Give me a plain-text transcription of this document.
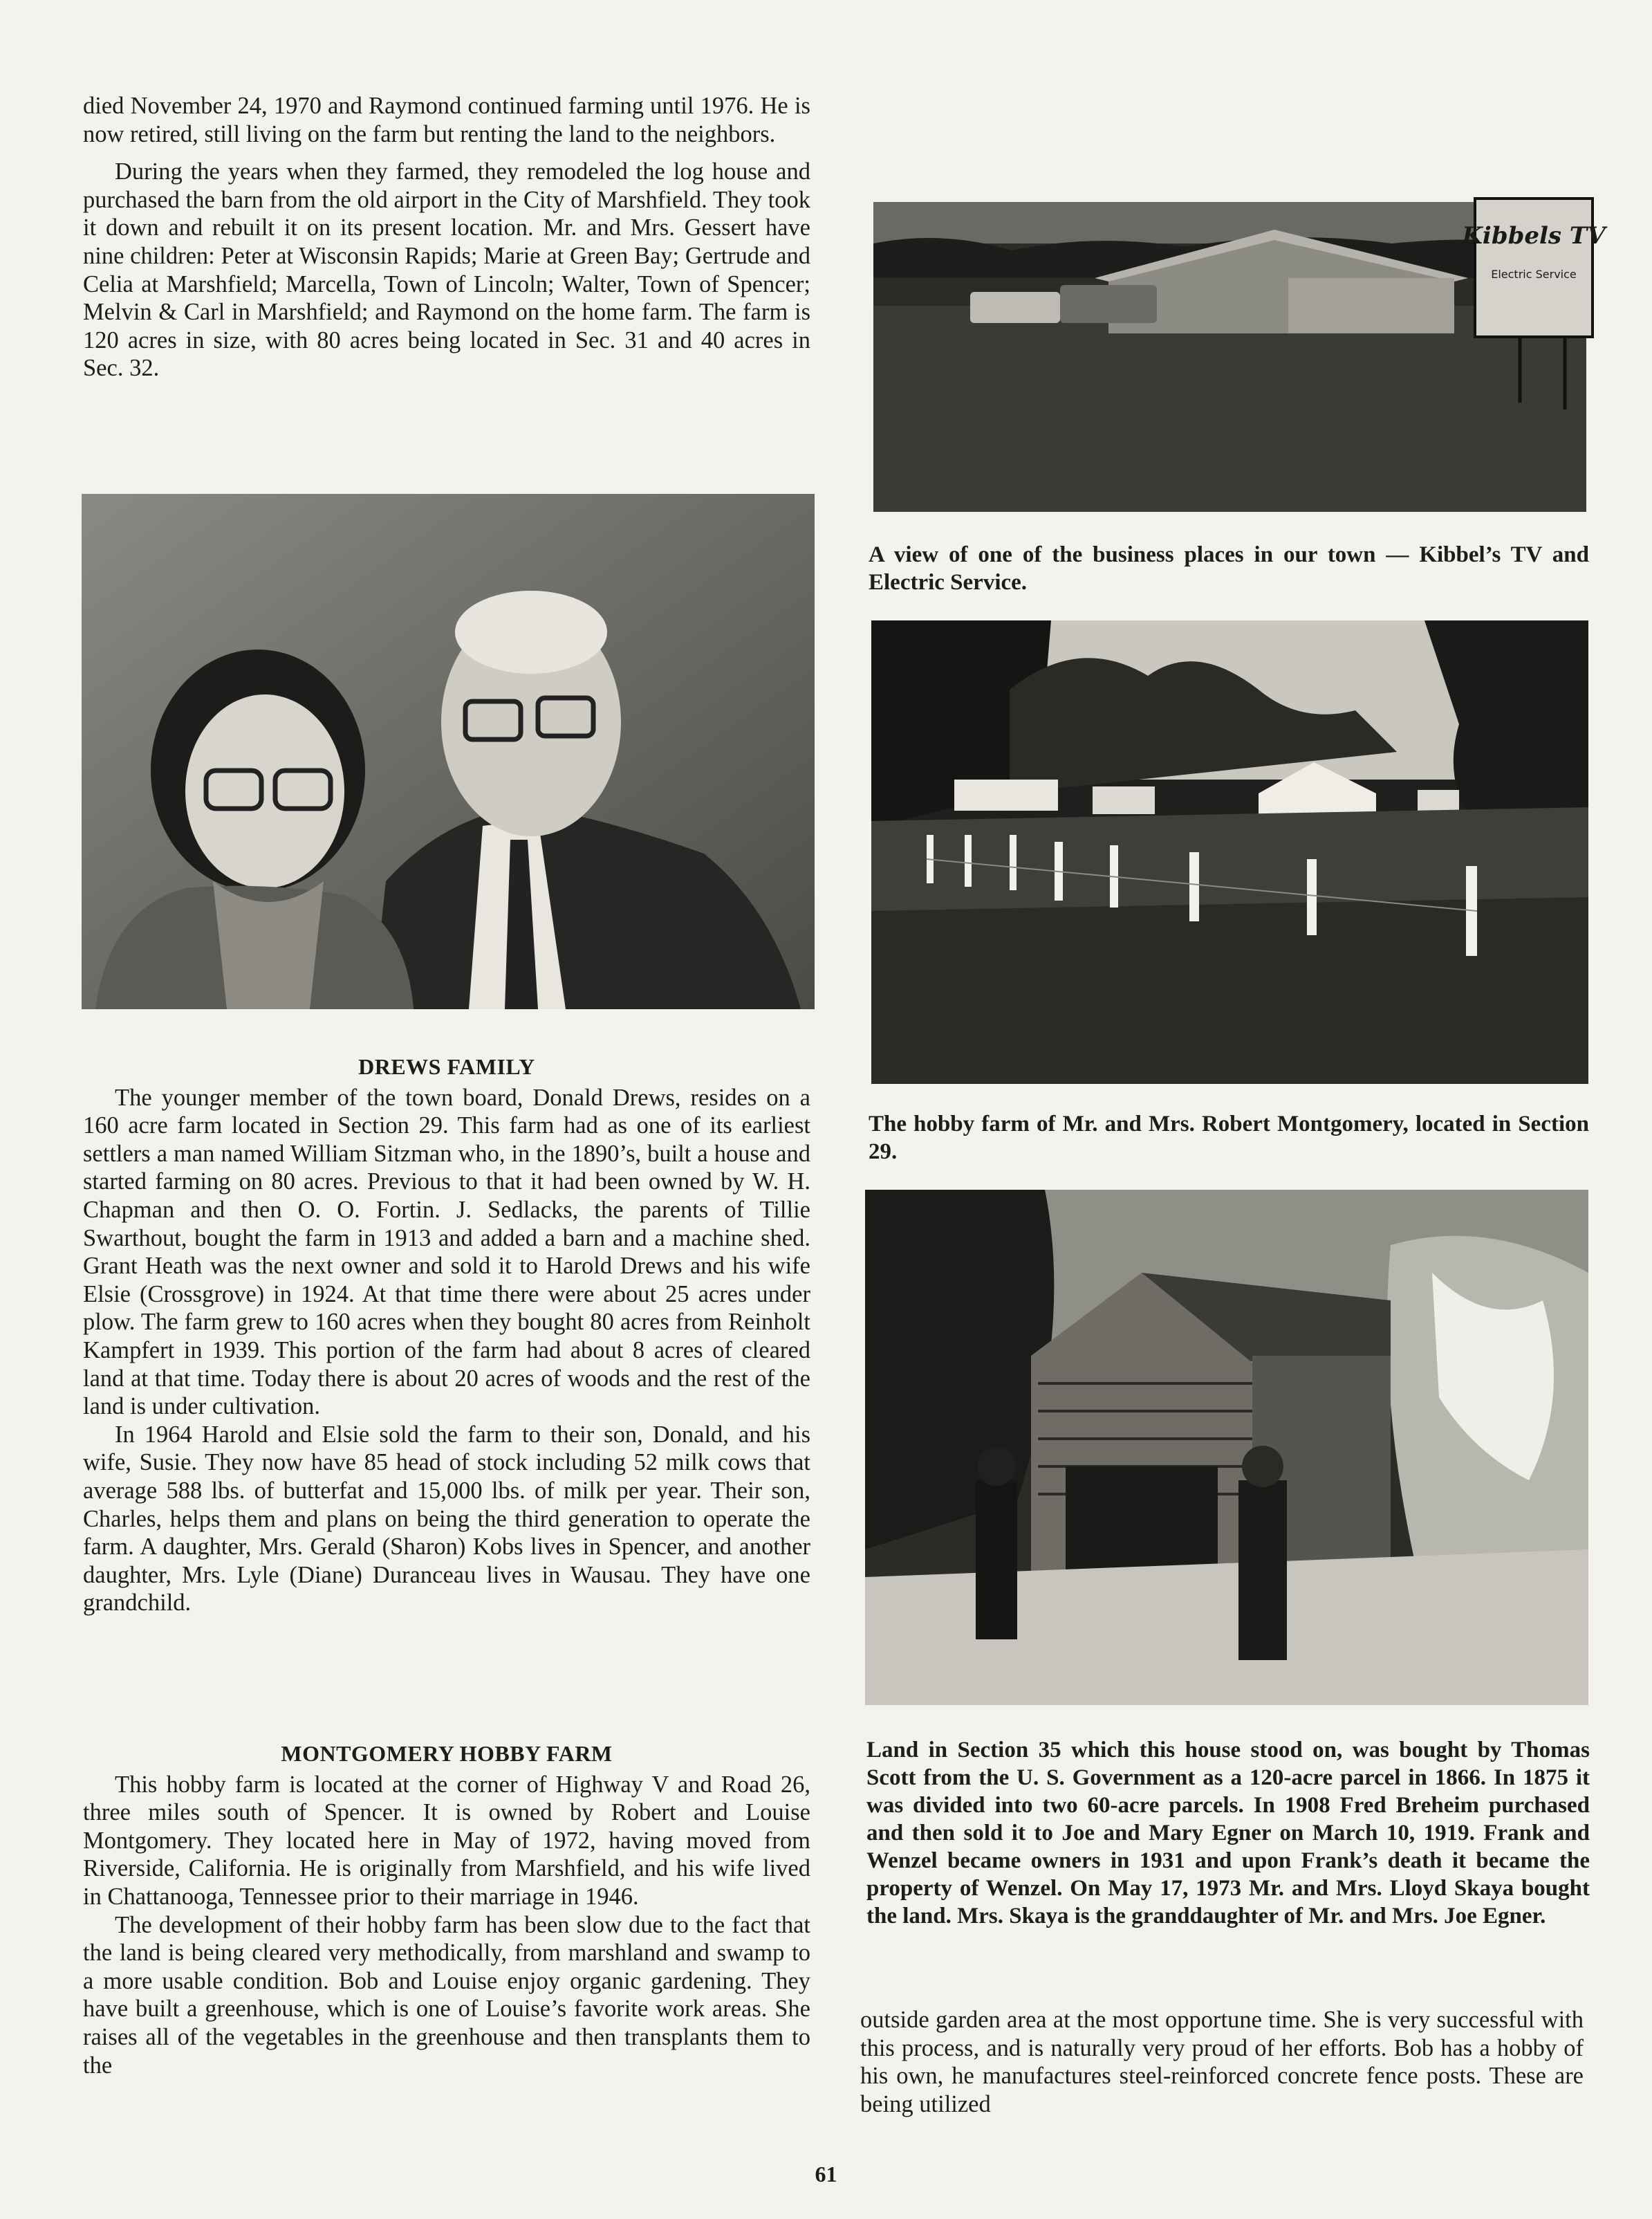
died November 24, 1970 and Raymond continued farming until 1976. He is now retired, still living on the farm but renting the land to the neighbors.

During the years when they farmed, they remodeled the log house and purchased the barn from the old airport in the City of Marshfield. They took it down and rebuilt it on its present location. Mr. and Mrs. Gessert have nine children: Peter at Wisconsin Rapids; Marie at Green Bay; Gertrude and Celia at Marshfield; Marcella, Town of Lincoln; Walter, Town of Spencer; Melvin & Carl in Marshfield; and Raymond on the home farm. The farm is 120 acres in size, with 80 acres being located in Sec. 31 and 40 acres in Sec. 32.

DREWS FAMILY

The younger member of the town board, Donald Drews, resides on a 160 acre farm located in Section 29. This farm had as one of its earliest settlers a man named William Sitzman who, in the 1890’s, built a house and started farming on 80 acres. Previous to that it had been owned by W. H. Chapman and then O. O. Fortin. J. Sedlacks, the parents of Tillie Swarthout, bought the farm in 1913 and added a barn and a machine shed. Grant Heath was the next owner and sold it to Harold Drews and his wife Elsie (Crossgrove) in 1924. At that time there were about 25 acres under plow. The farm grew to 160 acres when they bought 80 acres from Reinholt Kampfert in 1939. This portion of the farm had about 8 acres of cleared land at that time. Today there is about 20 acres of woods and the rest of the land is under cultivation.

In 1964 Harold and Elsie sold the farm to their son, Donald, and his wife, Susie. They now have 85 head of stock including 52 milk cows that average 588 lbs. of butterfat and 15,000 lbs. of milk per year. Their son, Charles, helps them and plans on being the third generation to operate the farm. A daughter, Mrs. Gerald (Sharon) Kobs lives in Spencer, and another daughter, Mrs. Lyle (Diane) Duranceau lives in Wausau. They have one grandchild.

MONTGOMERY HOBBY FARM

This hobby farm is located at the corner of Highway V and Road 26, three miles south of Spencer. It is owned by Robert and Louise Montgomery. They located here in May of 1972, having moved from Riverside, California. He is originally from Marshfield, and his wife lived in Chattanooga, Tennessee prior to their marriage in 1946.

The development of their hobby farm has been slow due to the fact that the land is being cleared very methodically, from marshland and swamp to a more usable condition. Bob and Louise enjoy organic gardening. They have built a greenhouse, which is one of Louise’s favorite work areas. She raises all of the vegetables in the greenhouse and then transplants them to the

Kibbels TV
Electric Service

A view of one of the business places in our town — Kibbel’s TV and Electric Service.

The hobby farm of Mr. and Mrs. Robert Montgomery, located in Section 29.

Land in Section 35 which this house stood on, was bought by Thomas Scott from the U. S. Government as a 120-acre parcel in 1866. In 1875 it was divided into two 60-acre parcels. In 1908 Fred Breheim purchased and then sold it to Joe and Mary Egner on March 10, 1919. Frank and Wenzel became owners in 1931 and upon Frank’s death it became the property of Wenzel. On May 17, 1973 Mr. and Mrs. Lloyd Skaya bought the land. Mrs. Skaya is the granddaughter of Mr. and Mrs. Joe Egner.

outside garden area at the most opportune time. She is very successful with this process, and is naturally very proud of her efforts. Bob has a hobby of his own, he manufactures steel-reinforced concrete fence posts. These are being utilized

61
